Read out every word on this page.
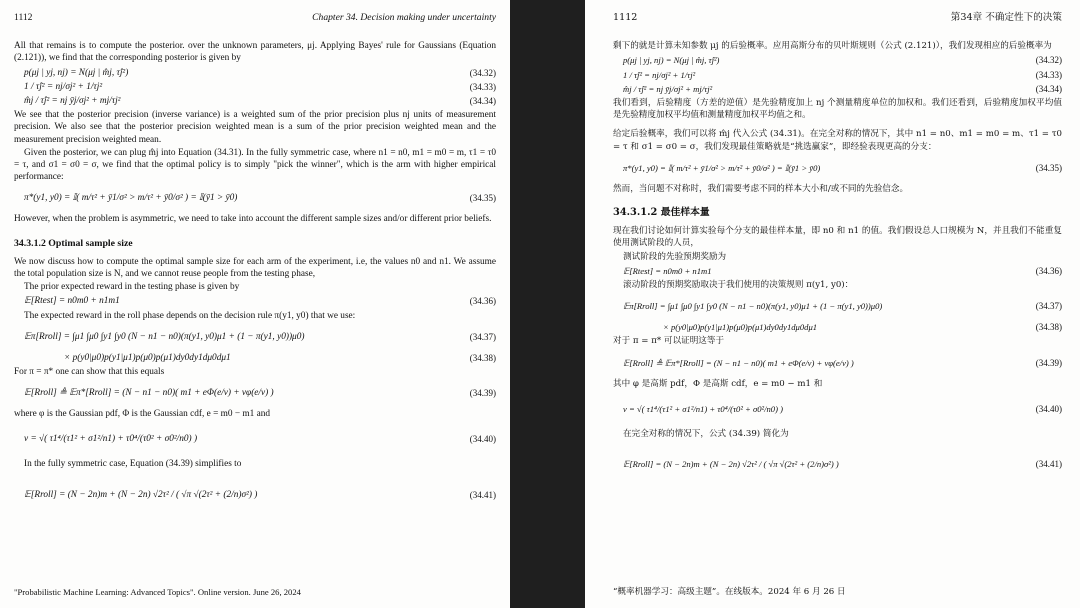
1112	Chapter 34. Decision making under uncertainty

All that remains is to compute the posterior. over the unknown parameters, μj. Applying Bayes' rule for Gaussians (Equation (2.121)), we find that the corresponding posterior is given by

p(μj | yj, nj) = N(μj | m̂j, τ̂j²)	(34.32)
1 / τ̂j² = nj/σj² + 1/τj²	(34.33)
m̂j / τ̂j² = nj ȳj/σj² + mj/τj²	(34.34)

We see that the posterior precision (inverse variance) is a weighted sum of the prior precision plus nj units of measurement precision. We also see that the posterior precision weighted mean is a sum of the prior precision weighted mean and the measurement precision weighted mean.

Given the posterior, we can plug m̂j into Equation (34.31). In the fully symmetric case, where n1 = n0, m1 = m0 = m, τ1 = τ0 = τ, and σ1 = σ0 = σ, we find that the optimal policy is to simply "pick the winner", which is the arm with higher empirical performance:

π*(y1, y0) = 𝕀( m/τ² + ȳ1/σ² > m/τ² + ȳ0/σ² ) = 𝕀(ȳ1 > ȳ0)	(34.35)

However, when the problem is asymmetric, we need to take into account the different sample sizes and/or different prior beliefs.

34.3.1.2 Optimal sample size

We now discuss how to compute the optimal sample size for each arm of the experiment, i.e, the values n0 and n1. We assume the total population size is N, and we cannot reuse people from the testing phase,

The prior expected reward in the testing phase is given by

𝔼[Rtest] = n0m0 + n1m1	(34.36)

The expected reward in the roll phase depends on the decision rule π(y1, y0) that we use:

𝔼π[Rroll] = ∫μ1 ∫μ0 ∫y1 ∫y0 (N − n1 − n0)(π(y1, y0)μ1 + (1 − π(y1, y0))μ0)	(34.37)
× p(y0|μ0)p(y1|μ1)p(μ0)p(μ1)dy0dy1dμ0dμ1	(34.38)

For π = π* one can show that this equals

𝔼[Rroll] ≜ 𝔼π*[Rroll] = (N − n1 − n0)( m1 + eΦ(e/v) + vφ(e/v) )	(34.39)

where φ is the Gaussian pdf, Φ is the Gaussian cdf, e = m0 − m1 and

v = √( τ1⁴/(τ1² + σ1²/n1) + τ0⁴/(τ0² + σ0²/n0) )	(34.40)

In the fully symmetric case, Equation (34.39) simplifies to

𝔼[Rroll] = (N − 2n)m + (N − 2n) √2τ² / ( √π √(2τ² + (2/n)σ²) )	(34.41)
"Probabilistic Machine Learning: Advanced Topics". Online version. June 26, 2024
1112	第34章 不确定性下的决策

剩下的就是计算未知参数 μj 的后验概率。应用高斯分布的贝叶斯规则（公式 (2.121)），我们发现相应的后验概率为

p(μj | yj, nj) = N(μj | m̂j, τ̂j²)	(34.32)
1 / τ̂j² = nj/σj² + 1/τj²	(34.33)
m̂j / τ̂j² = nj ȳj/σj² + mj/τj²	(34.34)

我们看到，后验精度（方差的逆值）是先验精度加上 nj 个测量精度单位的加权和。我们还看到，后验精度加权平均值是先验精度加权平均值和测量精度加权平均值之和。

给定后验概率，我们可以将 m̂j 代入公式 (34.31)。在完全对称的情况下，其中 n1 = n0、m1 = m0 = m、τ1 = τ0 = τ 和 σ1 = σ0 = σ，我们发现最佳策略就是“挑选赢家”，即经验表现更高的分支：

π*(y1, y0) = 𝕀( m/τ² + ȳ1/σ² > m/τ² + ȳ0/σ² ) = 𝕀(ȳ1 > ȳ0)	(34.35)

然而，当问题不对称时，我们需要考虑不同的样本大小和/或不同的先验信念。

34.3.1.2 最佳样本量

现在我们讨论如何计算实验每个分支的最佳样本量，即 n0 和 n1 的值。我们假设总人口规模为 N，并且我们不能重复使用测试阶段的人员，

测试阶段的先验预期奖励为

𝔼[Rtest] = n0m0 + n1m1	(34.36)

滚动阶段的预期奖励取决于我们使用的决策规则 π(y1, y0)：

𝔼π[Rroll] = ∫μ1 ∫μ0 ∫y1 ∫y0 (N − n1 − n0)(π(y1, y0)μ1 + (1 − π(y1, y0))μ0)	(34.37)
× p(y0|μ0)p(y1|μ1)p(μ0)p(μ1)dy0dy1dμ0dμ1	(34.38)

对于 π = π* 可以证明这等于

𝔼[Rroll] ≜ 𝔼π*[Rroll] = (N − n1 − n0)( m1 + eΦ(e/v) + vφ(e/v) )	(34.39)

其中 φ 是高斯 pdf，Φ 是高斯 cdf，e = m0 − m1 和

v = √( τ1⁴/(τ1² + σ1²/n1) + τ0⁴/(τ0² + σ0²/n0) )	(34.40)

在完全对称的情况下，公式 (34.39) 简化为

𝔼[Rroll] = (N − 2n)m + (N − 2n) √2τ² / ( √π √(2τ² + (2/n)σ²) )	(34.41)
“概率机器学习：高级主题”。在线版本。2024 年 6 月 26 日
